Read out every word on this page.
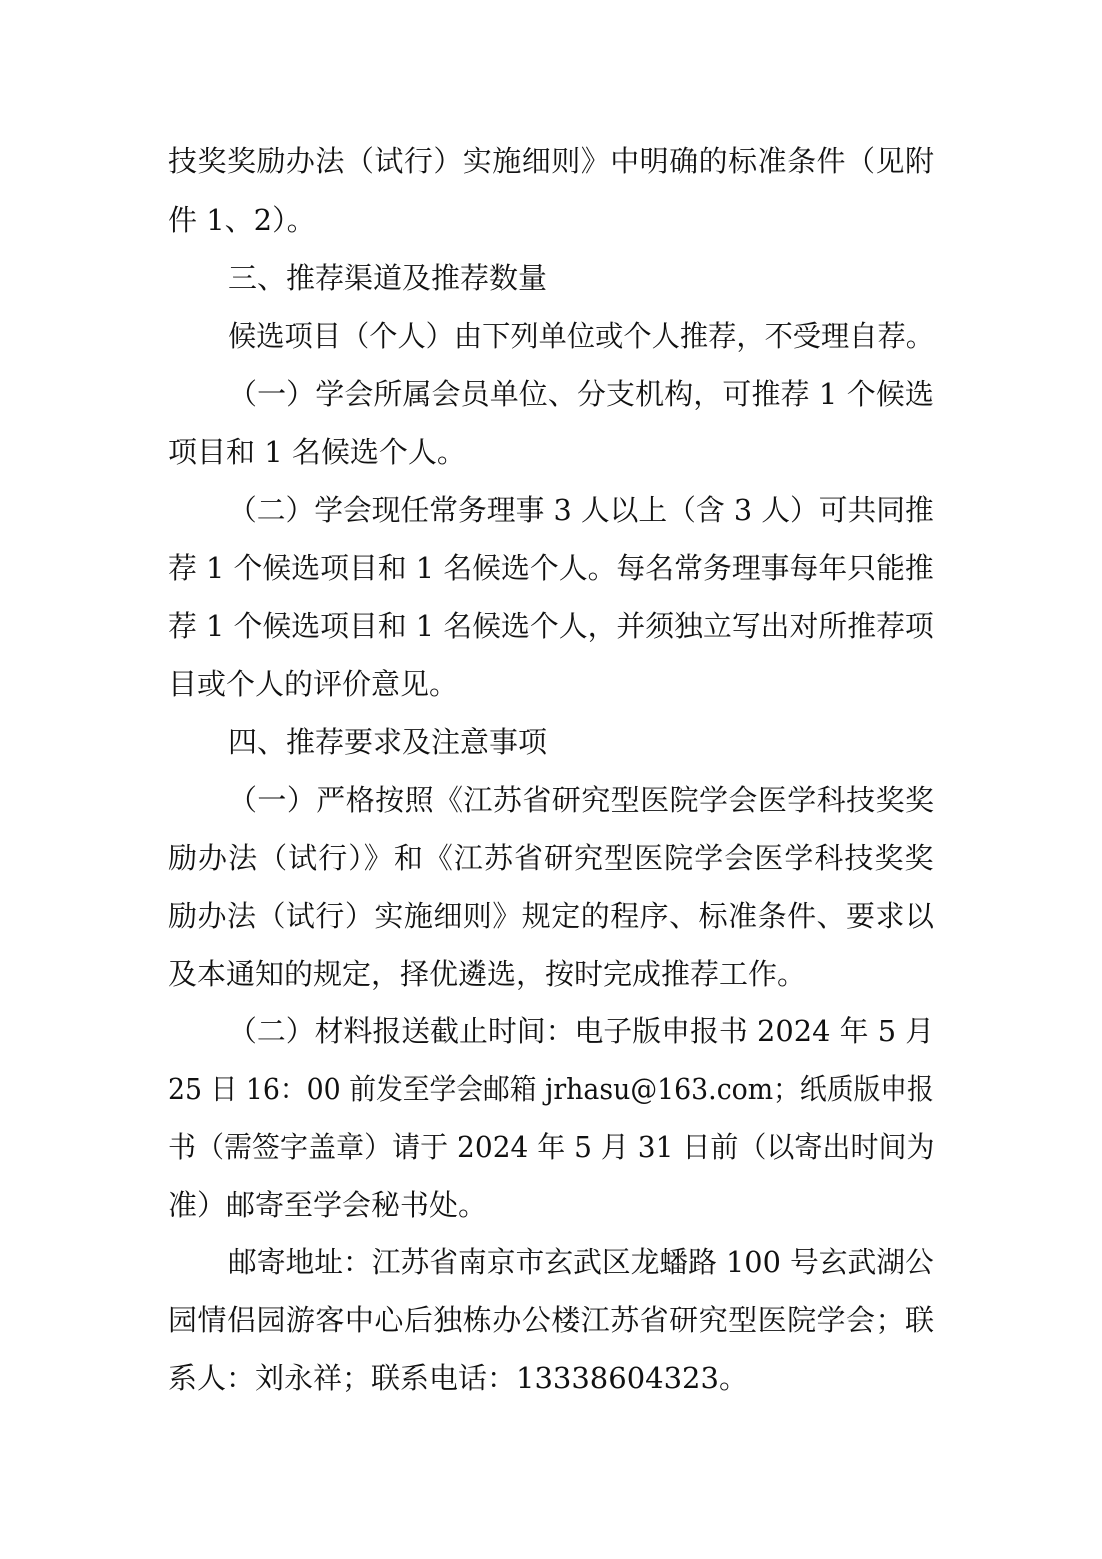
技奖奖励办法（试行）实施细则》中明确的标准条件（见附
件 1、2）。
三、推荐渠道及推荐数量
候选项目（个人）由下列单位或个人推荐，不受理自荐。
（一）学会所属会员单位、分支机构，可推荐 1 个候选
项目和 1 名候选个人。
（二）学会现任常务理事 3 人以上（含 3 人）可共同推
荐 1 个候选项目和 1 名候选个人。每名常务理事每年只能推
荐 1 个候选项目和 1 名候选个人，并须独立写出对所推荐项
目或个人的评价意见。
四、推荐要求及注意事项
（一）严格按照《江苏省研究型医院学会医学科技奖奖
励办法（试行）》和《江苏省研究型医院学会医学科技奖奖
励办法（试行）实施细则》规定的程序、标准条件、要求以
及本通知的规定，择优遴选，按时完成推荐工作。
（二）材料报送截止时间：电子版申报书 2024 年 5 月
25 日 16：00 前发至学会邮箱 jrhasu@163.com；纸质版申报
书（需签字盖章）请于 2024 年 5 月 31 日前（以寄出时间为
准）邮寄至学会秘书处。
邮寄地址：江苏省南京市玄武区龙蟠路 100 号玄武湖公
园情侣园游客中心后独栋办公楼江苏省研究型医院学会；联
系人：刘永祥；联系电话：13338604323。
